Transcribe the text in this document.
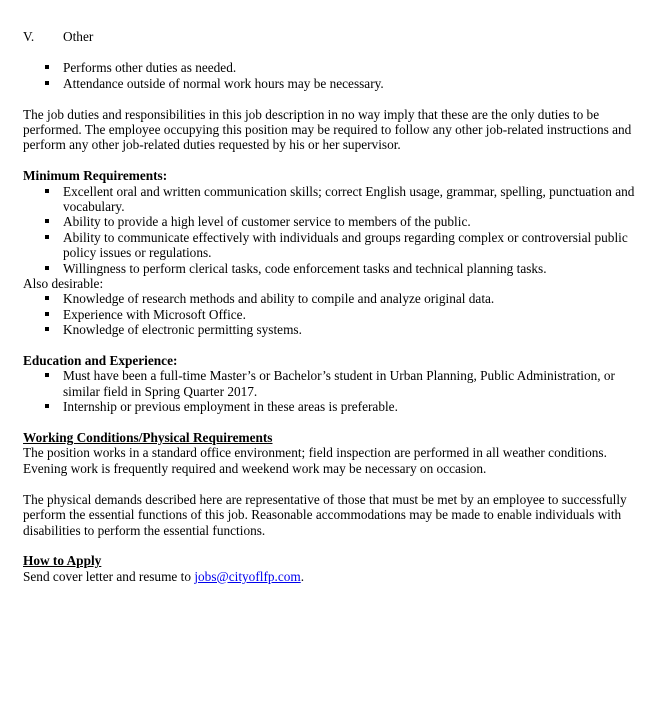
V.	Other
Performs other duties as needed.
Attendance outside of normal work hours may be necessary.

The job duties and responsibilities in this job description in no way imply that these are the only duties to be performed. The employee occupying this position may be required to follow any other job-related instructions and perform any other job-related duties requested by his or her supervisor.

Minimum Requirements:

Excellent oral and written communication skills; correct English usage, grammar, spelling, punctuation and vocabulary.
Ability to provide a high level of customer service to members of the public.
Ability to communicate effectively with individuals and groups regarding complex or controversial public policy issues or regulations.
Willingness to perform clerical tasks, code enforcement tasks and technical planning tasks.

Also desirable:

Knowledge of research methods and ability to compile and analyze original data.
Experience with Microsoft Office.
Knowledge of electronic permitting systems.

Education and Experience:

Must have been a full-time Master’s or Bachelor’s student in Urban Planning, Public Administration, or similar field in Spring Quarter 2017.
Internship or previous employment in these areas is preferable.

Working Conditions/Physical Requirements

The position works in a standard office environment; field inspection are performed in all weather conditions. Evening work is frequently required and weekend work may be necessary on occasion.

The physical demands described here are representative of those that must be met by an employee to successfully perform the essential functions of this job. Reasonable accommodations may be made to enable individuals with disabilities to perform the essential functions.

How to Apply

Send cover letter and resume to jobs@cityoflfp.com.
